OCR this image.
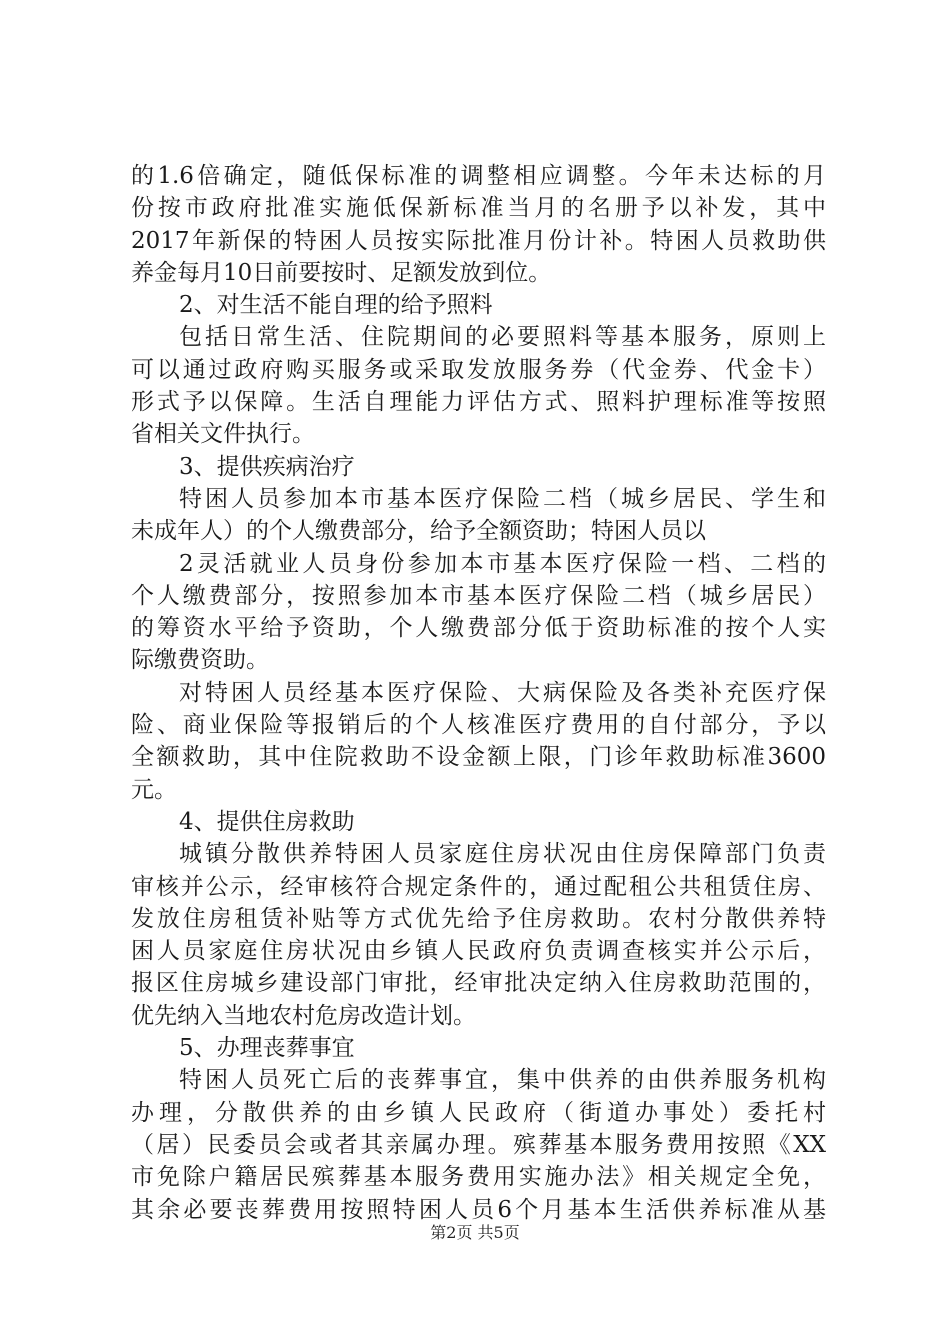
的1.6倍确定，随低保标准的调整相应调整。今年未达标的月
份按市政府批准实施低保新标准当月的名册予以补发，其中
2017年新保的特困人员按实际批准月份计补。特困人员救助供
养金每月10日前要按时、足额发放到位。
2、对生活不能自理的给予照料
包括日常生活、住院期间的必要照料等基本服务，原则上
可以通过政府购买服务或采取发放服务券（代金券、代金卡）
形式予以保障。生活自理能力评估方式、照料护理标准等按照
省相关文件执行。
3、提供疾病治疗
特困人员参加本市基本医疗保险二档（城乡居民、学生和
未成年人）的个人缴费部分，给予全额资助；特困人员以
2灵活就业人员身份参加本市基本医疗保险一档、二档的
个人缴费部分，按照参加本市基本医疗保险二档（城乡居民）
的筹资水平给予资助，个人缴费部分低于资助标准的按个人实
际缴费资助。
对特困人员经基本医疗保险、大病保险及各类补充医疗保
险、商业保险等报销后的个人核准医疗费用的自付部分，予以
全额救助，其中住院救助不设金额上限，门诊年救助标准3600
元。
4、提供住房救助
城镇分散供养特困人员家庭住房状况由住房保障部门负责
审核并公示，经审核符合规定条件的，通过配租公共租赁住房、
发放住房租赁补贴等方式优先给予住房救助。农村分散供养特
困人员家庭住房状况由乡镇人民政府负责调查核实并公示后，
报区住房城乡建设部门审批，经审批决定纳入住房救助范围的，
优先纳入当地农村危房改造计划。
5、办理丧葬事宜
特困人员死亡后的丧葬事宜，集中供养的由供养服务机构
办理，分散供养的由乡镇人民政府（街道办事处）委托村
（居）民委员会或者其亲属办理。殡葬基本服务费用按照《XX
市免除户籍居民殡葬基本服务费用实施办法》相关规定全免，
其余必要丧葬费用按照特困人员6个月基本生活供养标准从基
第2页 共5页
